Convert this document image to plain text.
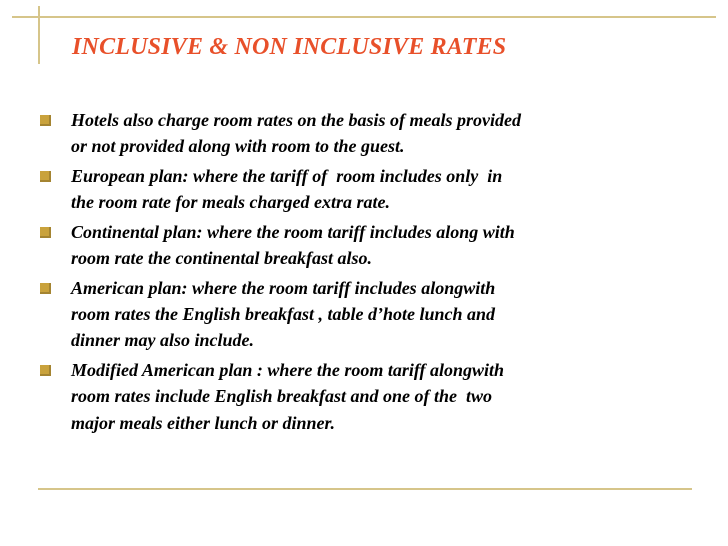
INCLUSIVE & NON INCLUSIVE RATES
Hotels also charge room rates on the basis of meals provided
or not provided along with room to the guest.
European plan: where the tariff of  room includes only  in
the room rate for meals charged extra rate.
Continental plan: where the room tariff includes along with
room rate the continental breakfast also.
American plan: where the room tariff includes alongwith
room rates the English breakfast , table d’hote lunch and
dinner may also include.
Modified American plan : where the room tariff alongwith
room rates include English breakfast and one of the  two
major meals either lunch or dinner.
